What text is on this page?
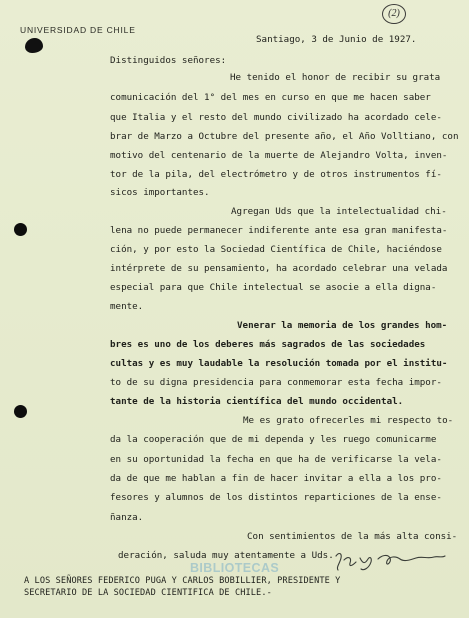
UNIVERSIDAD DE CHILE
(2)
Santiago, 3 de Junio de 1927.
Distinguidos señores:
He tenido el honor de recibir su grata
comunicación del 1° del mes en curso en que me hacen saber
que Italia y el resto del mundo civilizado ha acordado cele-
brar de Marzo a Octubre del presente año, el Año Volltiano, con
motivo del centenario de la muerte de Alejandro Volta, inven-
tor de la pila, del electrómetro y de otros instrumentos fí-
sicos importantes.
Agregan Uds que la intelectualidad chi-
lena no puede permanecer indiferente ante esa gran manifesta-
ción, y por esto la Sociedad Científica de Chile, haciéndose
intérprete de su pensamiento, ha acordado celebrar una velada
especial para que Chile intelectual se asocie a ella digna-
mente.
Venerar la memoria de los grandes hom-
bres es uno de los deberes más sagrados de las sociedades
cultas y es muy laudable la resolución tomada por el institu-
to de su digna presidencia para conmemorar esta fecha impor-
tante de la historia científica del mundo occidental.
Me es grato ofrecerles mi respecto to-
da la cooperación que de mi dependa y les ruego comunicarme
en su oportunidad la fecha en que ha de verificarse la vela-
da de que me hablan a fin de hacer invitar a ella a los pro-
fesores y alumnos de los distintos reparticiones de la ense-
ñanza.
Con sentimientos de la más alta consi-
deración, saluda muy atentamente a Uds.
BIBLIOTECAS
A LOS SEÑORES FEDERICO PUGA Y CARLOS BOBILLIER, PRESIDENTE Y
SECRETARIO DE LA SOCIEDAD CIENTIFICA DE CHILE.-
